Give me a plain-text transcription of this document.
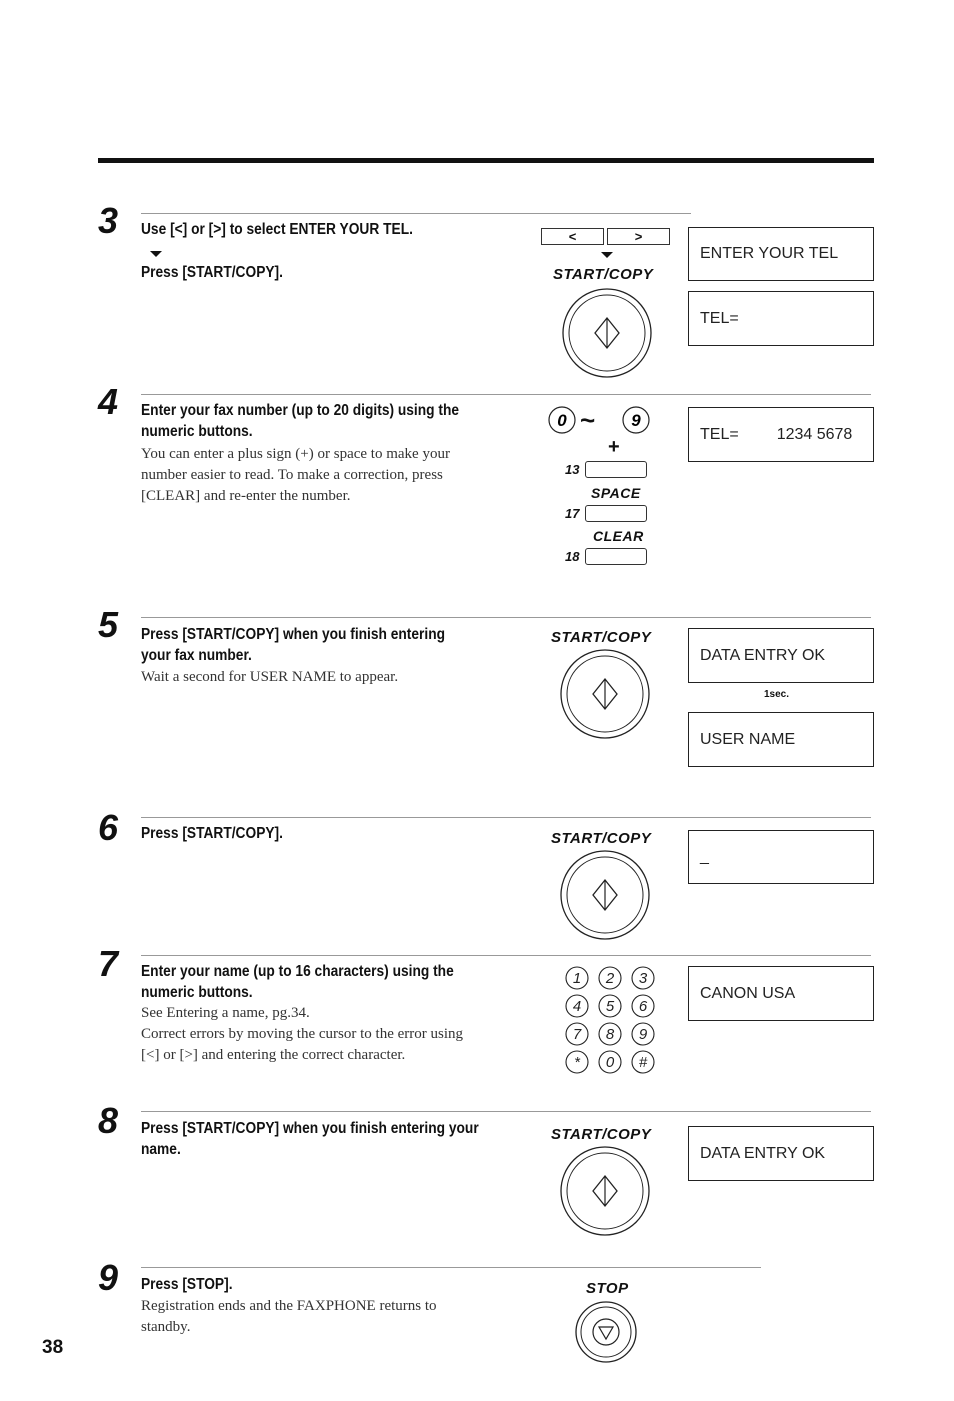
3 Use [<] or [>] to select ENTER YOUR TEL.
Press [START/COPY].
<	>
START/COPY
ENTER YOUR TEL
TEL=
4 Enter your fax number (up to 20 digits) using the
numeric buttons.
You can enter a plus sign (+) or space to make your
number easier to read. To make a correction, press
[CLEAR] and re-enter the number.
0 ~ 9
+
13
SPACE
17
CLEAR
18
TEL= 1234 5678
5 Press [START/COPY] when you finish entering
your fax number.
Wait a second for USER NAME to appear.
START/COPY
DATA ENTRY OK
1sec.
USER NAME
6 Press [START/COPY].	START/COPY
_
7 Enter your name (up to 16 characters) using the
numeric buttons.
See Entering a name, pg.34.
Correct errors by moving the cursor to the error using
[<] or [>] and entering the correct character.
1 2 3
4 5 6
7 8 9
* 0 #
CANON USA
8 Press [START/COPY] when you finish entering your
name.
START/COPY
DATA ENTRY OK
9 Press [STOP].
Registration ends and the FAXPHONE returns to
standby.
STOP
38
